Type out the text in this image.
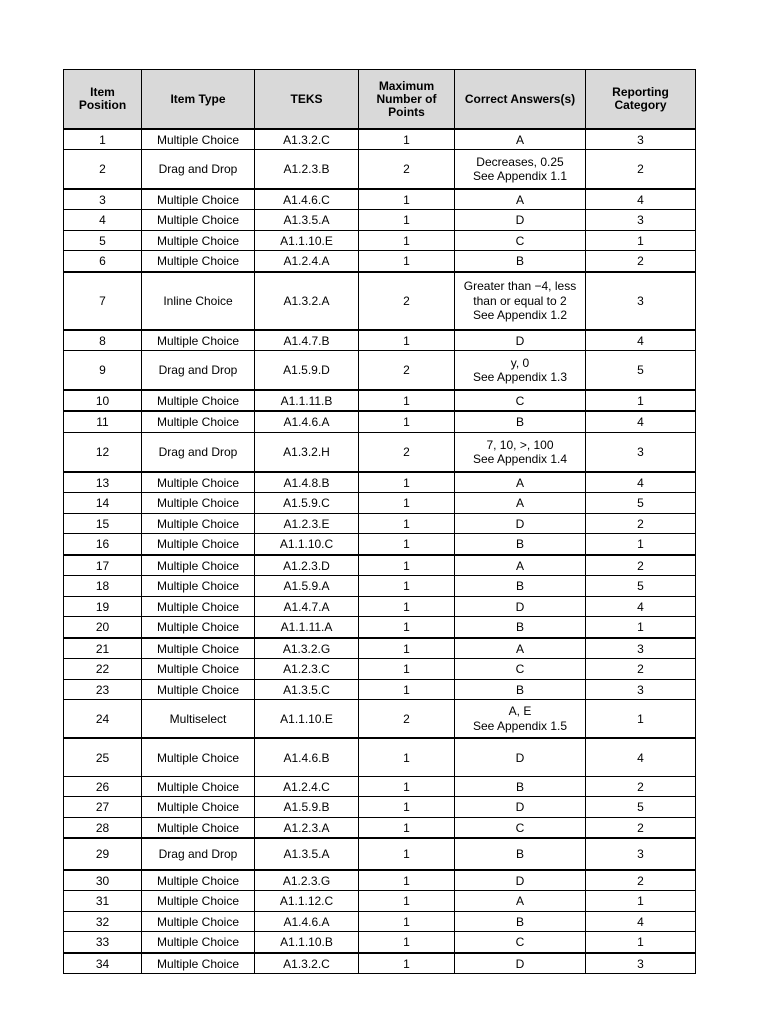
Item
Position	Item Type	TEKS	Maximum
Number of
Points	Correct Answers(s)	Reporting
Category
1	Multiple Choice	A1.3.2.C	1	A	3
2	Drag and Drop	A1.2.3.B	2	Decreases, 0.25
See Appendix 1.1	2
3	Multiple Choice	A1.4.6.C	1	A	4
4	Multiple Choice	A1.3.5.A	1	D	3
5	Multiple Choice	A1.1.10.E	1	C	1
6	Multiple Choice	A1.2.4.A	1	B	2
7	Inline Choice	A1.3.2.A	2	Greater than −4, less
than or equal to 2
See Appendix 1.2	3
8	Multiple Choice	A1.4.7.B	1	D	4
9	Drag and Drop	A1.5.9.D	2	y, 0
See Appendix 1.3	5
10	Multiple Choice	A1.1.11.B	1	C	1
11	Multiple Choice	A1.4.6.A	1	B	4
12	Drag and Drop	A1.3.2.H	2	7, 10, >, 100
See Appendix 1.4	3
13	Multiple Choice	A1.4.8.B	1	A	4
14	Multiple Choice	A1.5.9.C	1	A	5
15	Multiple Choice	A1.2.3.E	1	D	2
16	Multiple Choice	A1.1.10.C	1	B	1
17	Multiple Choice	A1.2.3.D	1	A	2
18	Multiple Choice	A1.5.9.A	1	B	5
19	Multiple Choice	A1.4.7.A	1	D	4
20	Multiple Choice	A1.1.11.A	1	B	1
21	Multiple Choice	A1.3.2.G	1	A	3
22	Multiple Choice	A1.2.3.C	1	C	2
23	Multiple Choice	A1.3.5.C	1	B	3
24	Multiselect	A1.1.10.E	2	A, E
See Appendix 1.5	1
25	Multiple Choice	A1.4.6.B	1	D	4
26	Multiple Choice	A1.2.4.C	1	B	2
27	Multiple Choice	A1.5.9.B	1	D	5
28	Multiple Choice	A1.2.3.A	1	C	2
29	Drag and Drop	A1.3.5.A	1	B	3
30	Multiple Choice	A1.2.3.G	1	D	2
31	Multiple Choice	A1.1.12.C	1	A	1
32	Multiple Choice	A1.4.6.A	1	B	4
33	Multiple Choice	A1.1.10.B	1	C	1
34	Multiple Choice	A1.3.2.C	1	D	3
